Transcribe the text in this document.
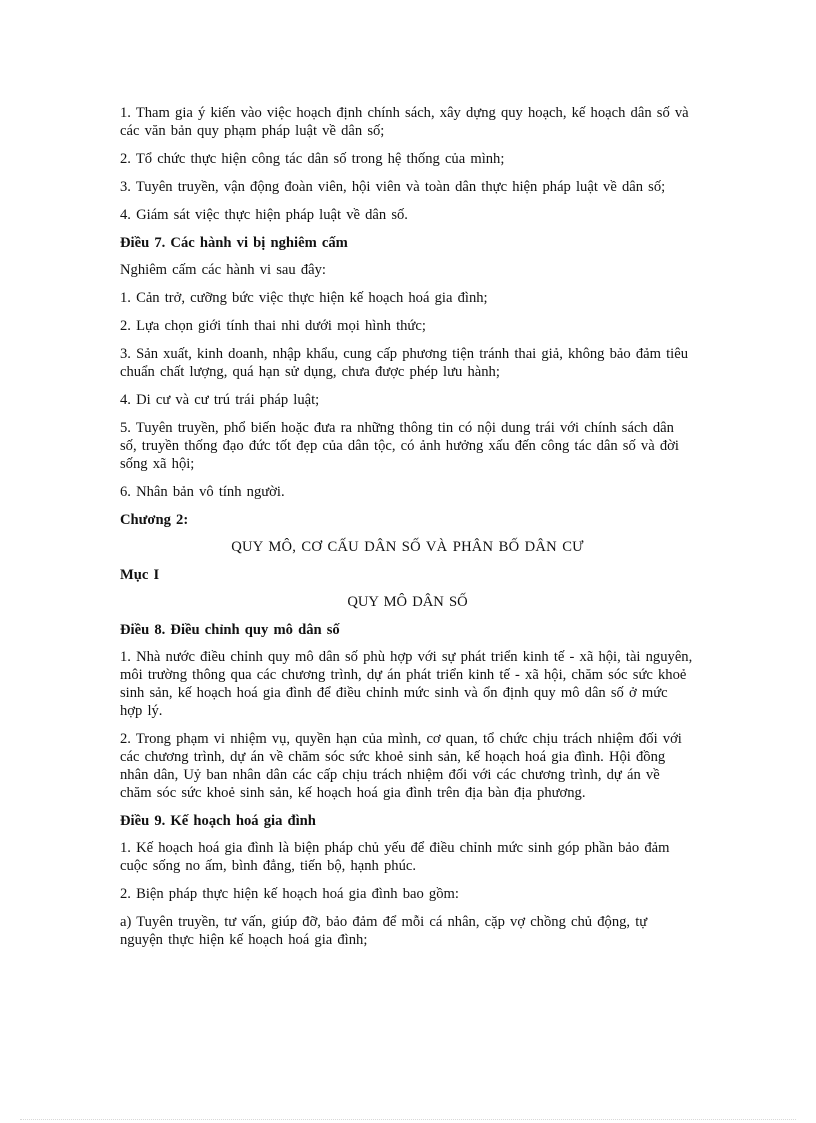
1. Tham gia ý kiến vào việc hoạch định chính sách, xây dựng quy hoạch, kế hoạch dân số và các văn bản quy phạm pháp luật về dân số;

2. Tổ chức thực hiện công tác dân số trong hệ thống của mình;

3. Tuyên truyền, vận động đoàn viên, hội viên và toàn dân thực hiện pháp luật về dân số;

4. Giám sát việc thực hiện pháp luật về dân số.

Điều 7. Các hành vi bị nghiêm cấm

Nghiêm cấm các hành vi sau đây:

1. Cản trở, cưỡng bức việc thực hiện kế hoạch hoá gia đình;

2. Lựa chọn giới tính thai nhi dưới mọi hình thức;

3. Sản xuất, kinh doanh, nhập khẩu, cung cấp phương tiện tránh thai giả, không bảo đảm tiêu chuẩn chất lượng, quá hạn sử dụng, chưa được phép lưu hành;

4. Di cư và cư trú trái pháp luật;

5. Tuyên truyền, phổ biến hoặc đưa ra những thông tin có nội dung trái với chính sách dân số, truyền thống đạo đức tốt đẹp của dân tộc, có ảnh hưởng xấu đến công tác dân số và đời sống xã hội;

6. Nhân bản vô tính người.

Chương 2:

QUY MÔ, CƠ CẤU DÂN SỐ VÀ PHÂN BỐ DÂN CƯ

Mục I

QUY MÔ DÂN SỐ

Điều 8. Điều chỉnh quy mô dân số

1. Nhà nước điều chỉnh quy mô dân số phù hợp với sự phát triển kinh tế - xã hội, tài nguyên, môi trường thông qua các chương trình, dự án phát triển kinh tế - xã hội, chăm sóc sức khoẻ sinh sản, kế hoạch hoá gia đình để điều chỉnh mức sinh và ổn định quy mô dân số ở mức hợp lý.

2. Trong phạm vi nhiệm vụ, quyền hạn của mình, cơ quan, tổ chức chịu trách nhiệm đối với các chương trình, dự án về chăm sóc sức khoẻ sinh sản, kế hoạch hoá gia đình. Hội đồng nhân dân, Uỷ ban nhân dân các cấp chịu trách nhiệm đối với các chương trình, dự án về chăm sóc sức khoẻ sinh sản, kế hoạch hoá gia đình trên địa bàn địa phương.

Điều 9. Kế hoạch hoá gia đình

1. Kế hoạch hoá gia đình là biện pháp chủ yếu để điều chỉnh mức sinh góp phần bảo đảm cuộc sống no ấm, bình đẳng, tiến bộ, hạnh phúc.

2. Biện pháp thực hiện kế hoạch hoá gia đình bao gồm:

a) Tuyên truyền, tư vấn, giúp đỡ, bảo đảm để mỗi cá nhân, cặp vợ chồng chủ động, tự nguyện thực hiện kế hoạch hoá gia đình;
